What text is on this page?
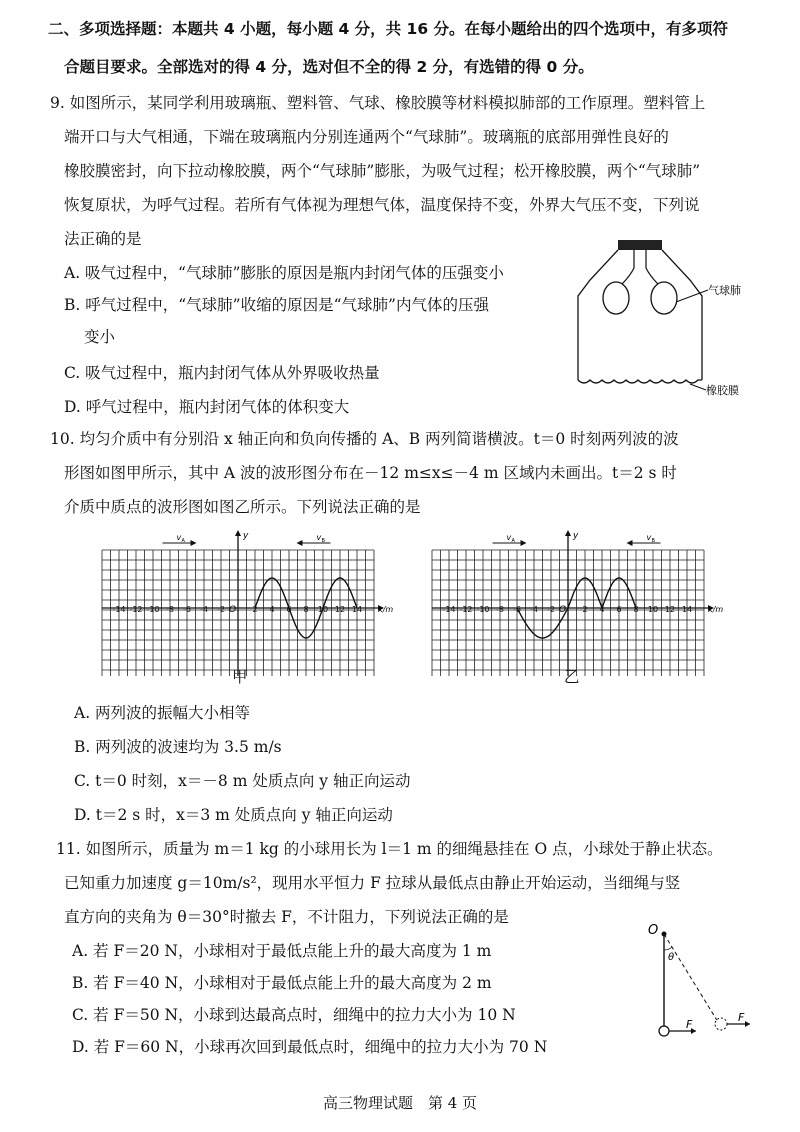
二、多项选择题：本题共 4 小题，每小题 4 分，共 16 分。在每小题给出的四个选项中，有多项符
合题目要求。全部选对的得 4 分，选对但不全的得 2 分，有选错的得 0 分。
9. 如图所示，某同学利用玻璃瓶、塑料管、气球、橡胶膜等材料模拟肺部的工作原理。塑料管上
端开口与大气相通，下端在玻璃瓶内分别连通两个“气球肺”。玻璃瓶的底部用弹性良好的
橡胶膜密封，向下拉动橡胶膜，两个“气球肺”膨胀，为吸气过程；松开橡胶膜，两个“气球肺”
恢复原状，为呼气过程。若所有气体视为理想气体，温度保持不变，外界大气压不变，下列说
法正确的是
A. 吸气过程中，“气球肺”膨胀的原因是瓶内封闭气体的压强变小
B. 呼气过程中，“气球肺”收缩的原因是“气球肺”内气体的压强
变小
C. 吸气过程中，瓶内封闭气体从外界吸收热量
D. 呼气过程中，瓶内封闭气体的体积变大
气球肺
橡胶膜
10. 均匀介质中有分别沿 x 轴正向和负向传播的 A、B 两列简谐横波。t＝0 时刻两列波的波
形图如图甲所示，其中 A 波的波形图分布在－12 m≤x≤－4 m 区域内未画出。t＝2 s 时
介质中质点的波形图如图乙所示。下列说法正确的是
y
x/m
O
-14 -12 -10 -8 -6 -4 -2	2 4 6 8 10 12 14
v A	v B	y
x/m
O
-14 -12 -10 -8 -6 -4 -2	2 4 6 8 10 12 14
v A	v B
甲	乙
A. 两列波的振幅大小相等
B. 两列波的波速均为 3.5 m/s
C. t＝0 时刻，x＝－8 m 处质点向 y 轴正向运动
D. t＝2 s 时，x＝3 m 处质点向 y 轴正向运动
11. 如图所示，质量为 m＝1 kg 的小球用长为 l＝1 m 的细绳悬挂在 O 点，小球处于静止状态。
已知重力加速度 g＝10m/s²，现用水平恒力 F 拉球从最低点由静止开始运动，当细绳与竖
直方向的夹角为 θ＝30°时撤去 F，不计阻力，下列说法正确的是
A. 若 F＝20 N，小球相对于最低点能上升的最大高度为 1 m
B. 若 F＝40 N，小球相对于最低点能上升的最大高度为 2 m
C. 若 F＝50 N，小球到达最高点时，细绳中的拉力大小为 10 N
D. 若 F＝60 N，小球再次回到最低点时，细绳中的拉力大小为 70 N
O
θ
F
F
高三物理试题　第 4 页
